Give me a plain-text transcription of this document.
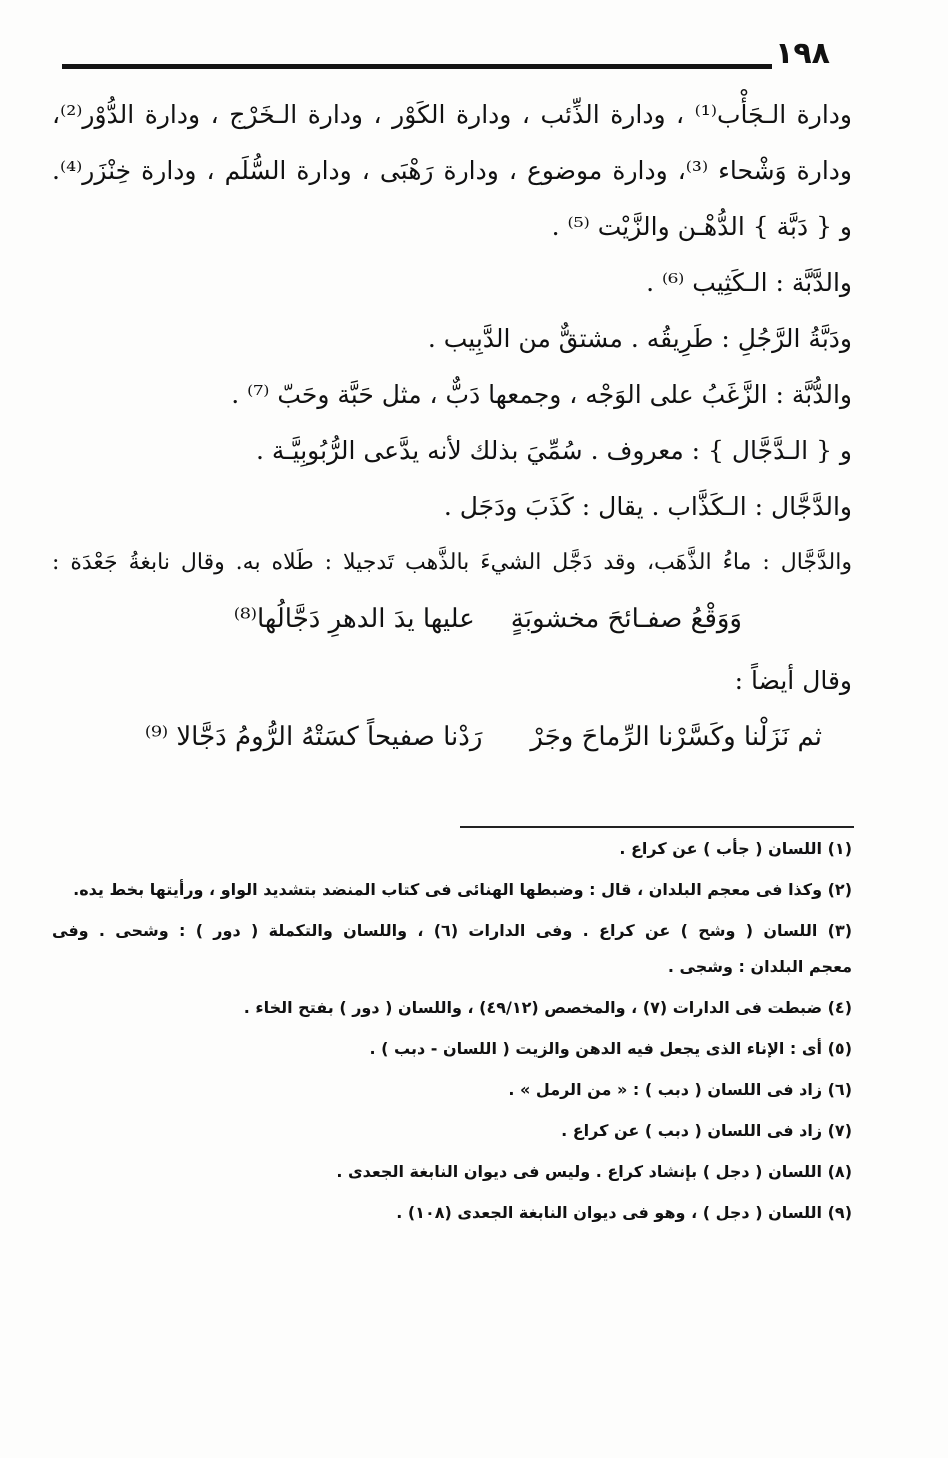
١٩٨
ودارة الـجَأْب⁽¹⁾ ، ودارة الذِّئب ، ودارة الكَوْر ، ودارة الـخَرْج ، ودارة الدُّوْر⁽²⁾،
ودارة وَشْحاء ⁽³⁾، ودارة موضوع ، ودارة رَهْبَى ، ودارة السُّلَم ، ودارة خِنْزَر⁽⁴⁾.
و { دَبَّة } الدُّهْـن والزَّيْت ⁽⁵⁾ .
والدَّبَّة : الـكَثِيب ⁽⁶⁾ .
ودَبَّةُ الرَّجُلِ : طَرِيقُه . مشتقٌّ من الدَّبِيب .
والدُّبَّة : الزَّغَبُ على الوَجْه ، وجمعها دَبٌّ ، مثل حَبَّة وحَبّ ⁽⁷⁾ .
و { الـدَّجَّال } : معروف . سُمِّيَ بذلك لأنه يدَّعى الرُّبُوبِيَّـة .
والدَّجَّال : الـكَذَّاب . يقال : كَذَبَ ودَجَل .
والدَّجَّال : ماءُ الذَّهَب، وقد دَجَّل الشيءَ بالذَّهب تَدجيلا : طَلاه به. وقال نابغةُ جَعْدَة :
وَوَقْعُ صفـائحَ مخشوبَةٍ
عليها يدَ الدهرِ دَجَّالُها⁽⁸⁾
وقال أيضاً :
ثم نَزَلْنا وكَسَّرْنا الرِّماحَ وجَرْ
رَدْنا صفيحاً كسَتْهُ الرُّومُ دَجَّالا ⁽⁹⁾
(١) اللسان ( جأب ) عن كراع .
(٢) وكذا فى معجم البلدان ، قال : وضبطها الهنائى فى كتاب المنضد بتشديد الواو ، ورأيتها بخط يده.
(٣) اللسان ( وشح ) عن كراع . وفى الدارات (٦) ، واللسان والتكملة ( دور ) : وشحى . وفى
معجم البلدان : وشجى .
(٤) ضبطت فى الدارات (٧) ، والمخصص (٤٩/١٢) ، واللسان ( دور ) بفتح الخاء .
(٥) أى : الإناء الذى يجعل فيه الدهن والزيت ( اللسان - دبب ) .
(٦) زاد فى اللسان ( دبب ) : « من الرمل » .
(٧) زاد فى اللسان ( دبب ) عن كراع .
(٨) اللسان ( دجل ) بإنشاد كراع . وليس فى ديوان النابغة الجعدى .
(٩) اللسان ( دجل ) ، وهو فى ديوان النابغة الجعدى (١٠٨) .
